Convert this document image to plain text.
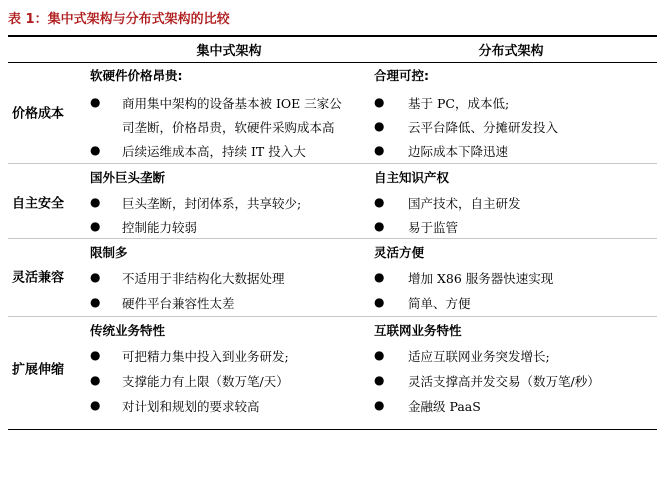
表 1：集中式架构与分布式架构的比较
集中式架构	分布式架构
价格成本
软硬件价格昂贵:
● 商用集中架构的设备基本被 IOE 三家公
司垄断，价格昂贵，软硬件采购成本高
● 后续运维成本高，持续 IT 投入大
合理可控:
● 基于 PC，成本低;
● 云平台降低、分摊研发投入
● 边际成本下降迅速
自主安全
国外巨头垄断
● 巨头垄断，封闭体系，共享较少;
● 控制能力较弱
自主知识产权
● 国产技术，自主研发
● 易于监管
灵活兼容
限制多
● 不适用于非结构化大数据处理
● 硬件平台兼容性太差
灵活方便
● 增加 X86 服务器快速实现
● 简单、方便
扩展伸缩
传统业务特性
● 可把精力集中投入到业务研发;
● 支撑能力有上限（数万笔/天）
● 对计划和规划的要求较高
互联网业务特性
● 适应互联网业务突发增长;
● 灵活支撑高并发交易（数万笔/秒）
● 金融级 PaaS
